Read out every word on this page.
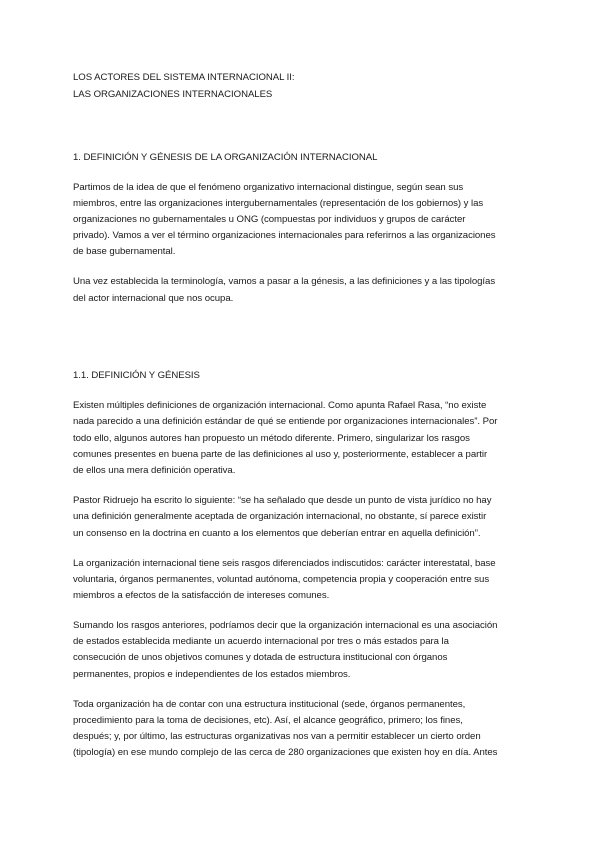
LOS ACTORES DEL SISTEMA INTERNACIONAL II:
LAS ORGANIZACIONES INTERNACIONALES
1. DEFINICIÓN Y GÉNESIS DE LA ORGANIZACIÓN INTERNACIONAL
Partimos de la idea de que el fenómeno organizativo internacional distingue, según sean sus
miembros, entre las organizaciones intergubernamentales (representación de los gobiernos) y las
organizaciones no gubernamentales u ONG (compuestas por individuos y grupos de carácter
privado). Vamos a ver el término organizaciones internacionales para referirnos a las organizaciones
de base gubernamental.
Una vez establecida la terminología, vamos a pasar a la génesis, a las definiciones y a las tipologías
del actor internacional que nos ocupa.
1.1. DEFINICIÓN Y GÉNESIS
Existen múltiples definiciones de organización internacional. Como apunta Rafael Rasa, “no existe
nada parecido a una definición estándar de qué se entiende por organizaciones internacionales”. Por
todo ello, algunos autores han propuesto un método diferente. Primero, singularizar los rasgos
comunes presentes en buena parte de las definiciones al uso y, posteriormente, establecer a partir
de ellos una mera definición operativa.
Pastor Ridruejo ha escrito lo siguiente: “se ha señalado que desde un punto de vista jurídico no hay
una definición generalmente aceptada de organización internacional, no obstante, sí parece existir
un consenso en la doctrina en cuanto a los elementos que deberían entrar en aquella definición”.
La organización internacional tiene seis rasgos diferenciados indiscutidos: carácter interestatal, base
voluntaria, órganos permanentes, voluntad autónoma, competencia propia y cooperación entre sus
miembros a efectos de la satisfacción de intereses comunes.
Sumando los rasgos anteriores, podríamos decir que la organización internacional es una asociación
de estados establecida mediante un acuerdo internacional por tres o más estados para la
consecución de unos objetivos comunes y dotada de estructura institucional con órganos
permanentes, propios e independientes de los estados miembros.
Toda organización ha de contar con una estructura institucional (sede, órganos permanentes,
procedimiento para la toma de decisiones, etc). Así, el alcance geográfico, primero; los fines,
después; y, por último, las estructuras organizativas nos van a permitir establecer un cierto orden
(tipología) en ese mundo complejo de las cerca de 280 organizaciones que existen hoy en día. Antes
